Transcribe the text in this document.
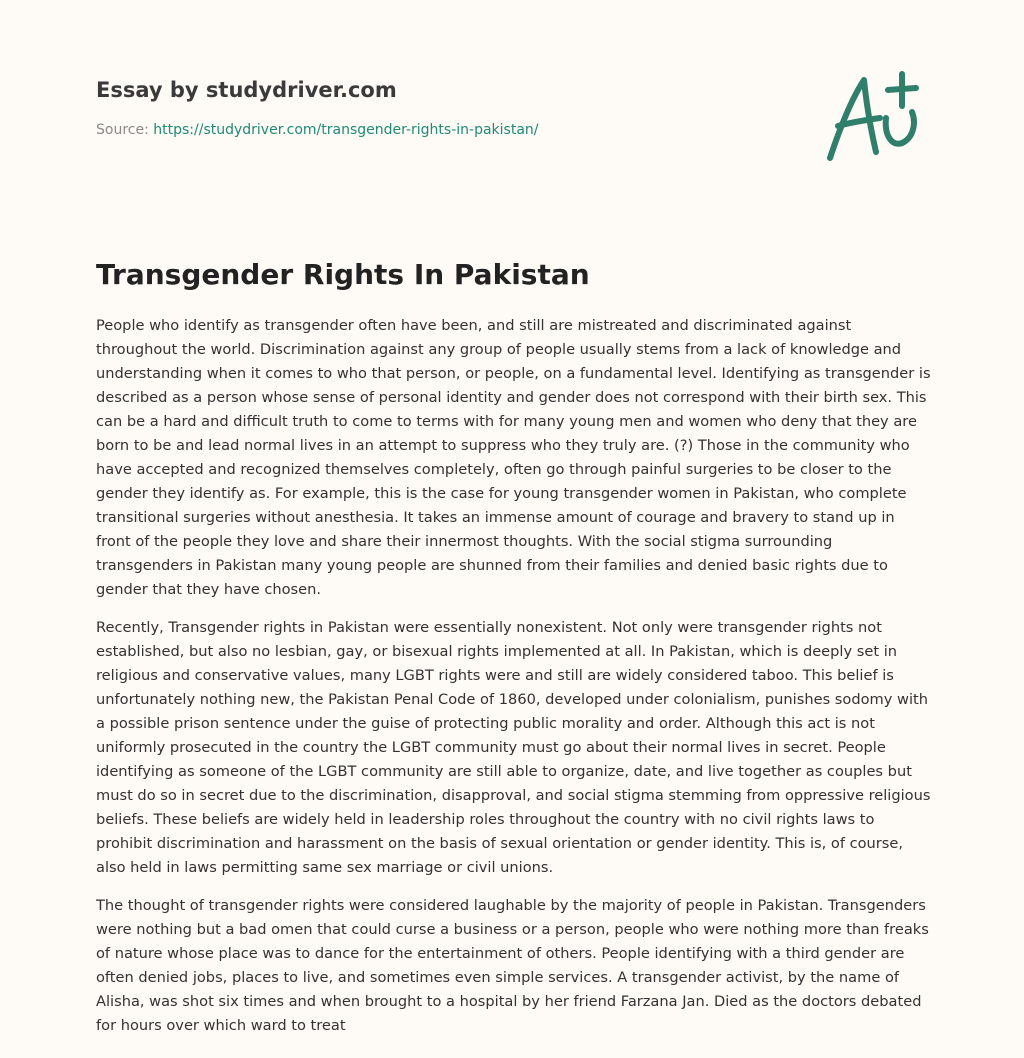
Essay by studydriver.com
Source: https://studydriver.com/transgender-rights-in-pakistan/
Transgender Rights In Pakistan

People who identify as transgender often have been, and still are mistreated and discriminated against throughout the world. Discrimination against any group of people usually stems from a lack of knowledge and understanding when it comes to who that person, or people, on a fundamental level. Identifying as transgender is described as a person whose sense of personal identity and gender does not correspond with their birth sex. This can be a hard and difficult truth to come to terms with for many young men and women who deny that they are born to be and lead normal lives in an attempt to suppress who they truly are. (?) Those in the community who have accepted and recognized themselves completely, often go through painful surgeries to be closer to the gender they identify as. For example, this is the case for young transgender women in Pakistan, who complete transitional surgeries without anesthesia. It takes an immense amount of courage and bravery to stand up in front of the people they love and share their innermost thoughts. With the social stigma surrounding transgenders in Pakistan many young people are shunned from their families and denied basic rights due to gender that they have chosen.

Recently, Transgender rights in Pakistan were essentially nonexistent. Not only were transgender rights not established, but also no lesbian, gay, or bisexual rights implemented at all. In Pakistan, which is deeply set in religious and conservative values, many LGBT rights were and still are widely considered taboo. This belief is unfortunately nothing new, the Pakistan Penal Code of 1860, developed under colonialism, punishes sodomy with a possible prison sentence under the guise of protecting public morality and order. Although this act is not uniformly prosecuted in the country the LGBT community must go about their normal lives in secret. People identifying as someone of the LGBT community are still able to organize, date, and live together as couples but must do so in secret due to the discrimination, disapproval, and social stigma stemming from oppressive religious beliefs. These beliefs are widely held in leadership roles throughout the country with no civil rights laws to prohibit discrimination and harassment on the basis of sexual orientation or gender identity. This is, of course, also held in laws permitting same sex marriage or civil unions.

The thought of transgender rights were considered laughable by the majority of people in Pakistan. Transgenders were nothing but a bad omen that could curse a business or a person, people who were nothing more than freaks of nature whose place was to dance for the entertainment of others. People identifying with a third gender are often denied jobs, places to live, and sometimes even simple services. A transgender activist, by the name of Alisha, was shot six times and when brought to a hospital by her friend Farzana Jan. Died as the doctors debated for hours over which ward to treat
